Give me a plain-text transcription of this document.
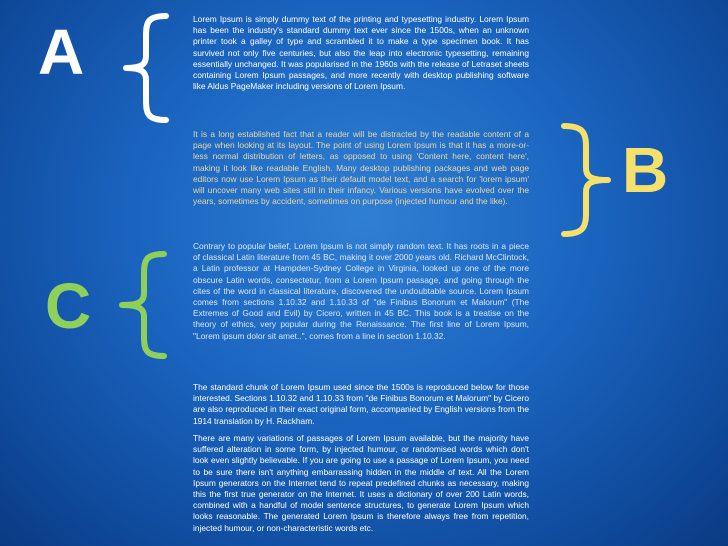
A
B
C

Lorem Ipsum is simply dummy text of the printing and typesetting industry. Lorem Ipsum has been the industry's standard dummy text ever since the 1500s, when an unknown printer took a galley of type and scrambled it to make a type specimen book. It has survived not only five centuries, but also the leap into electronic typesetting, remaining essentially unchanged. It was popularised in the 1960s with the release of Letraset sheets containing Lorem Ipsum passages, and more recently with desktop publishing software like Aldus PageMaker including versions of Lorem Ipsum.

It is a long established fact that a reader will be distracted by the readable content of a page when looking at its layout. The point of using Lorem Ipsum is that it has a more-or-less normal distribution of letters, as opposed to using 'Content here, content here', making it look like readable English. Many desktop publishing packages and web page editors now use Lorem Ipsum as their default model text, and a search for 'lorem ipsum' will uncover many web sites still in their infancy. Various versions have evolved over the years, sometimes by accident, sometimes on purpose (injected humour and the like).

Contrary to popular belief, Lorem Ipsum is not simply random text. It has roots in a piece of classical Latin literature from 45 BC, making it over 2000 years old. Richard McClintock, a Latin professor at Hampden-Sydney College in Virginia, looked up one of the more obscure Latin words, consectetur, from a Lorem Ipsum passage, and going through the cites of the word in classical literature, discovered the undoubtable source. Lorem Ipsum comes from sections 1.10.32 and 1.10.33 of "de Finibus Bonorum et Malorum" (The Extremes of Good and Evil) by Cicero, written in 45 BC. This book is a treatise on the theory of ethics, very popular during the Renaissance. The first line of Lorem Ipsum, "Lorem ipsum dolor sit amet..", comes from a line in section 1.10.32.

The standard chunk of Lorem Ipsum used since the 1500s is reproduced below for those interested. Sections 1.10.32 and 1.10.33 from "de Finibus Bonorum et Malorum" by Cicero are also reproduced in their exact original form, accompanied by English versions from the 1914 translation by H. Rackham.

There are many variations of passages of Lorem Ipsum available, but the majority have suffered alteration in some form, by injected humour, or randomised words which don't look even slightly believable. If you are going to use a passage of Lorem Ipsum, you need to be sure there isn't anything embarrassing hidden in the middle of text. All the Lorem Ipsum generators on the Internet tend to repeat predefined chunks as necessary, making this the first true generator on the Internet. It uses a dictionary of over 200 Latin words, combined with a handful of model sentence structures, to generate Lorem Ipsum which looks reasonable. The generated Lorem Ipsum is therefore always free from repetition, injected humour, or non-characteristic words etc.
